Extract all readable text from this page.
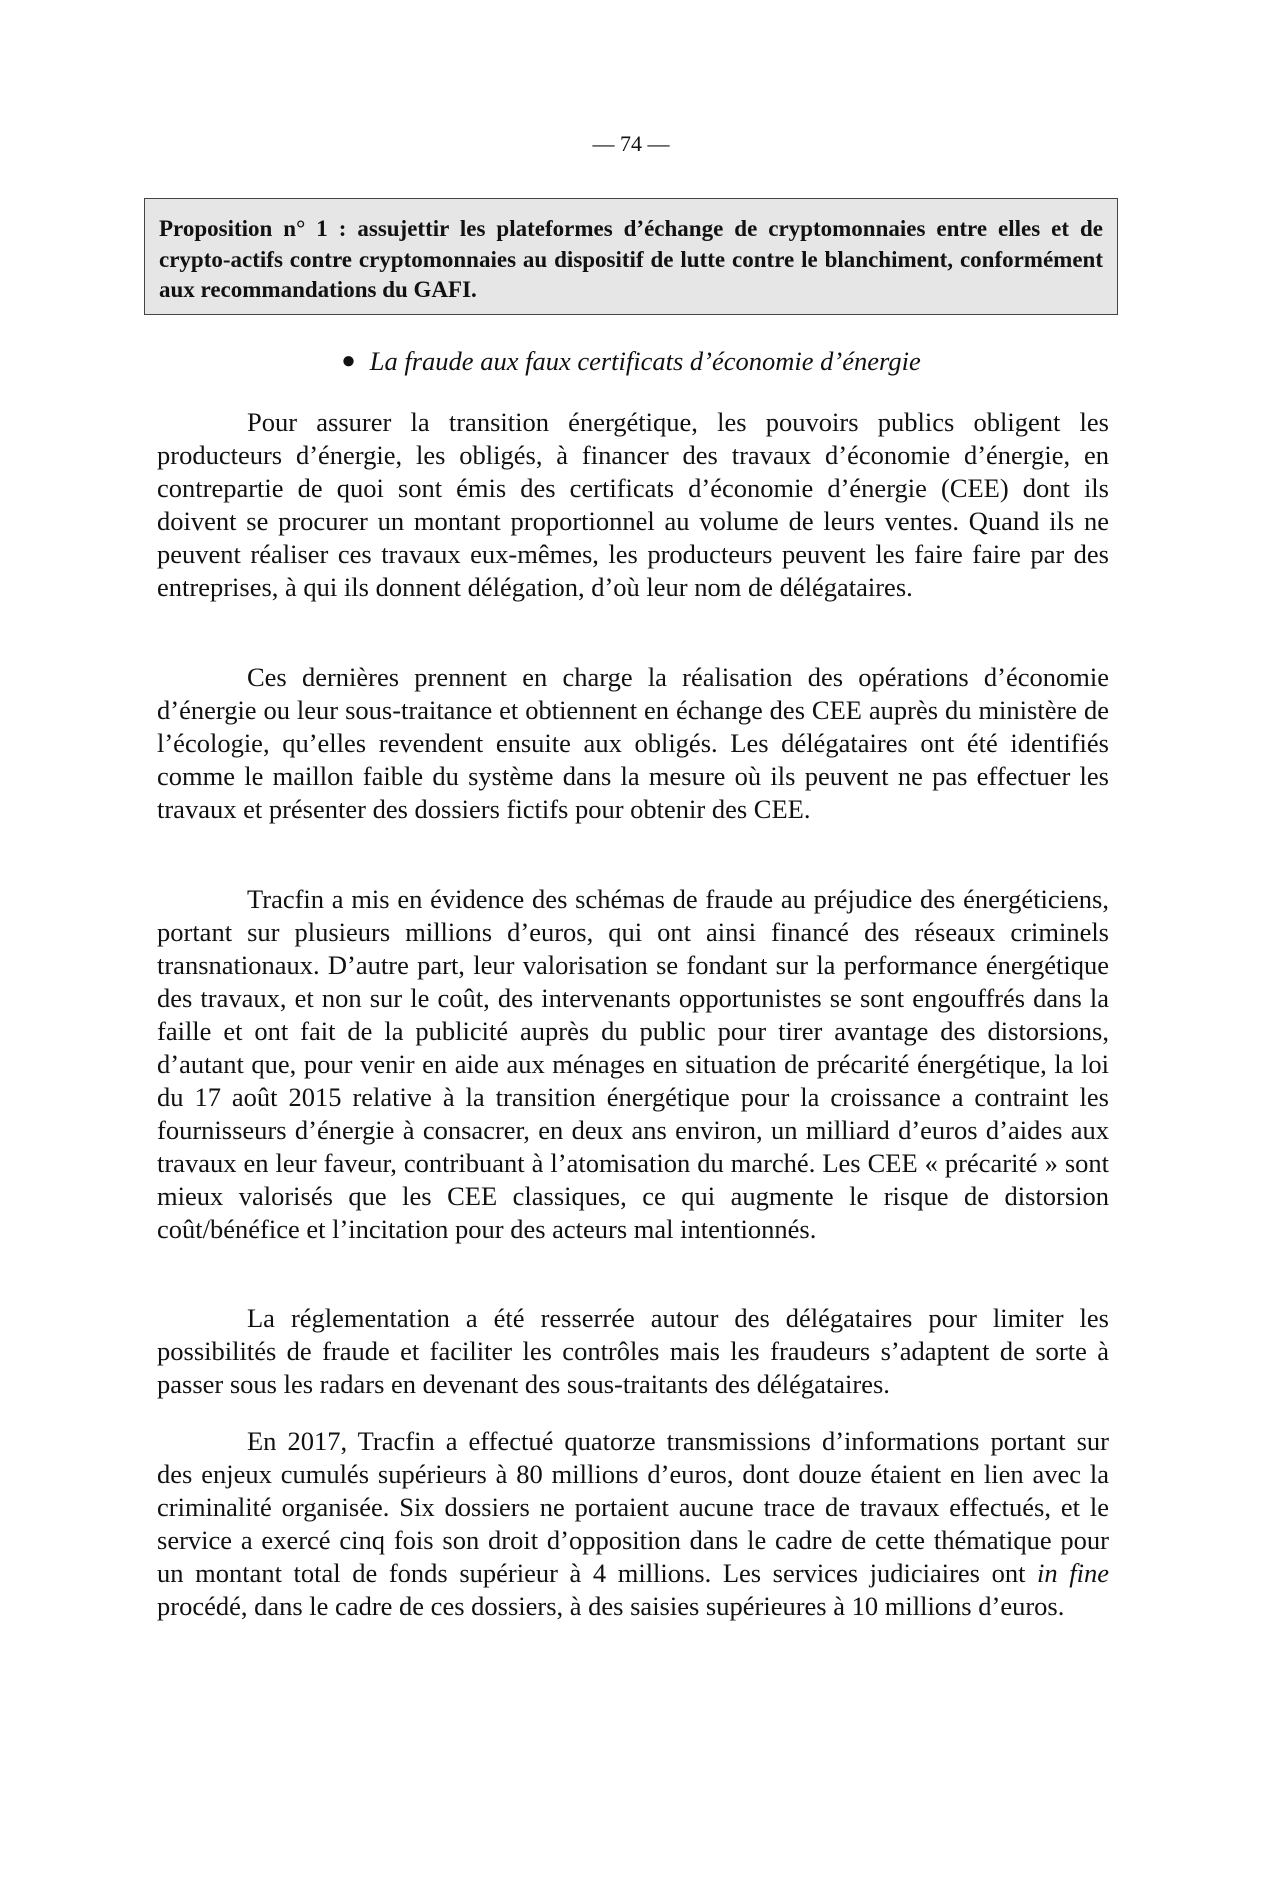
— 74 —
Proposition n° 1 : assujettir les plateformes d’échange de cryptomonnaies entre elles et de crypto-actifs contre cryptomonnaies au dispositif de lutte contre le blanchiment, conformément aux recommandations du GAFI.
● La fraude aux faux certificats d’économie d’énergie

Pour assurer la transition énergétique, les pouvoirs publics obligent les producteurs d’énergie, les obligés, à financer des travaux d’économie d’énergie, en contrepartie de quoi sont émis des certificats d’économie d’énergie (CEE) dont ils doivent se procurer un montant proportionnel au volume de leurs ventes. Quand ils ne peuvent réaliser ces travaux eux-mêmes, les producteurs peuvent les faire faire par des entreprises, à qui ils donnent délégation, d’où leur nom de délégataires.

Ces dernières prennent en charge la réalisation des opérations d’économie d’énergie ou leur sous-traitance et obtiennent en échange des CEE auprès du ministère de l’écologie, qu’elles revendent ensuite aux obligés. Les délégataires ont été identifiés comme le maillon faible du système dans la mesure où ils peuvent ne pas effectuer les travaux et présenter des dossiers fictifs pour obtenir des CEE.

Tracfin a mis en évidence des schémas de fraude au préjudice des énergéticiens, portant sur plusieurs millions d’euros, qui ont ainsi financé des réseaux criminels transnationaux. D’autre part, leur valorisation se fondant sur la performance énergétique des travaux, et non sur le coût, des intervenants opportunistes se sont engouffrés dans la faille et ont fait de la publicité auprès du public pour tirer avantage des distorsions, d’autant que, pour venir en aide aux ménages en situation de précarité énergétique, la loi du 17 août 2015 relative à la transition énergétique pour la croissance a contraint les fournisseurs d’énergie à consacrer, en deux ans environ, un milliard d’euros d’aides aux travaux en leur faveur, contribuant à l’atomisation du marché. Les CEE « précarité » sont mieux valorisés que les CEE classiques, ce qui augmente le risque de distorsion coût/bénéfice et l’incitation pour des acteurs mal intentionnés.

La réglementation a été resserrée autour des délégataires pour limiter les possibilités de fraude et faciliter les contrôles mais les fraudeurs s’adaptent de sorte à passer sous les radars en devenant des sous-traitants des délégataires.

En 2017, Tracfin a effectué quatorze transmissions d’informations portant sur des enjeux cumulés supérieurs à 80 millions d’euros, dont douze étaient en lien avec la criminalité organisée. Six dossiers ne portaient aucune trace de travaux effectués, et le service a exercé cinq fois son droit d’opposition dans le cadre de cette thématique pour un montant total de fonds supérieur à 4 millions. Les services judiciaires ont in fine procédé, dans le cadre de ces dossiers, à des saisies supérieures à 10 millions d’euros.
